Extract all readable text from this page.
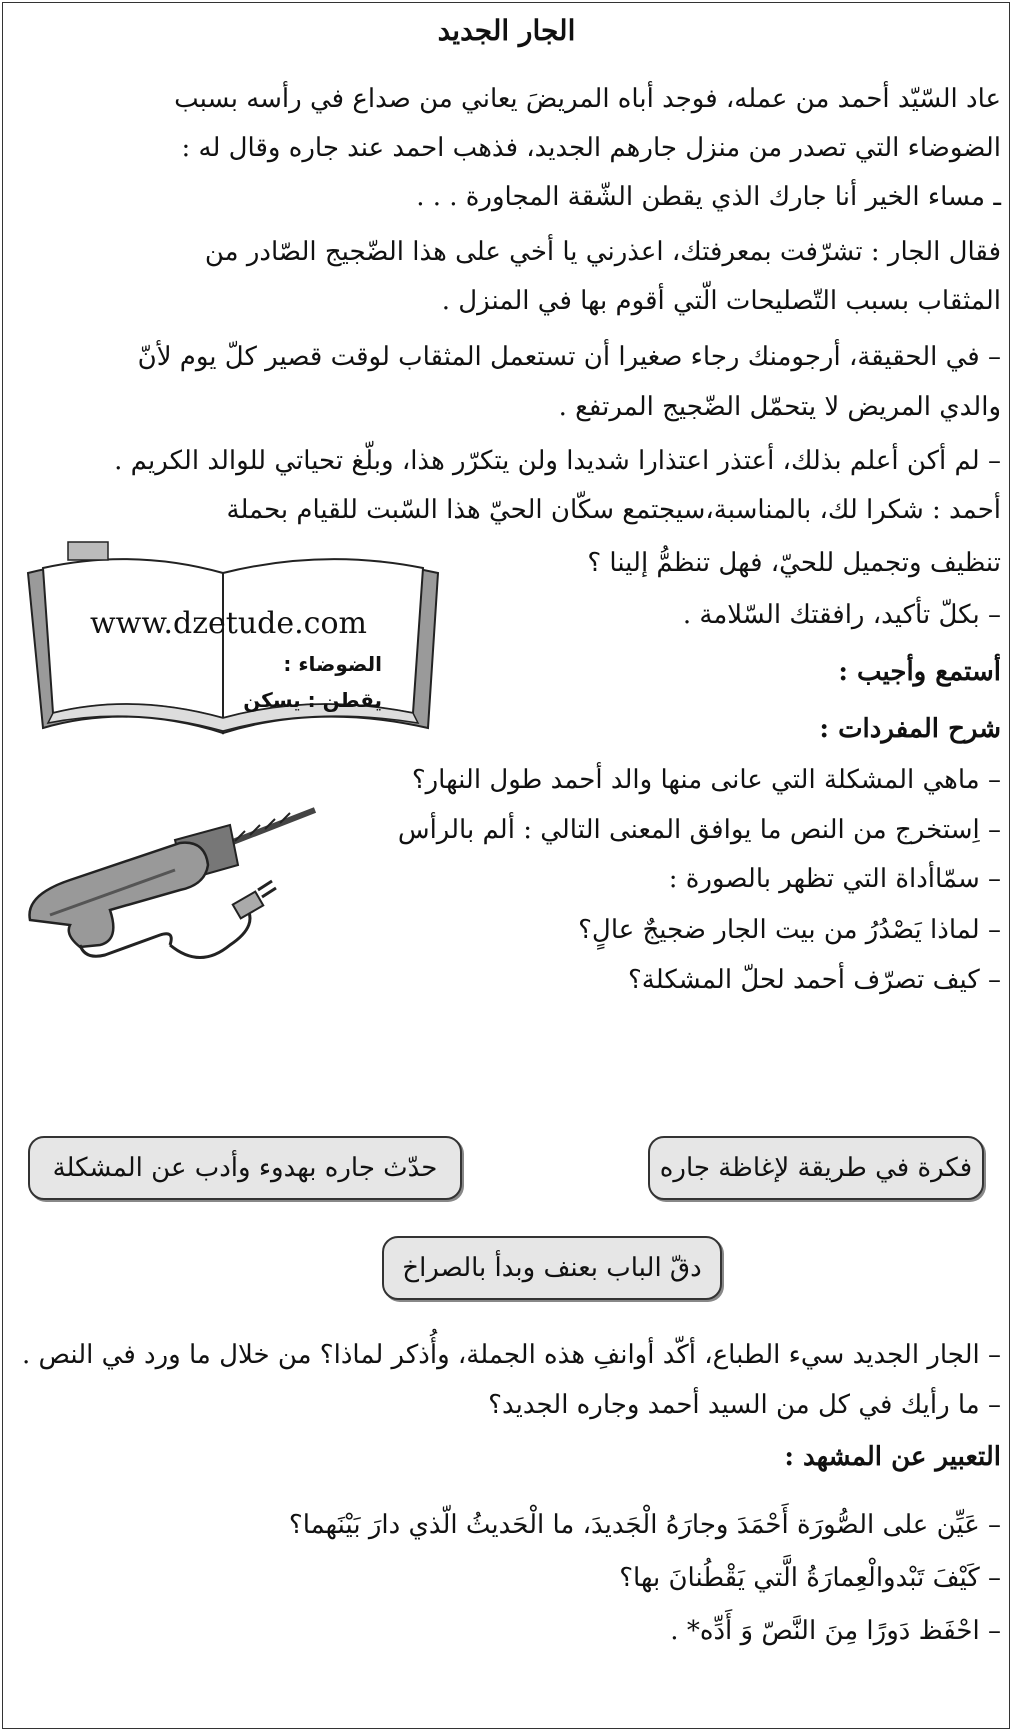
الجار الجديد
عاد السّيّد أحمد من عمله، فوجد أباه المريضَ يعاني من صداع في رأسه بسبب
الضوضاء التي تصدر من منزل جارهم الجديد، فذهب احمد عند جاره وقال له :
ـ مساء الخير أنا جارك الذي يقطن الشّقة المجاورة . . .
فقال الجار : تشرّفت بمعرفتك، اعذرني يا أخي على هذا الضّجيج الصّادر من
المثقاب بسبب التّصليحات الّتي أقوم بها في المنزل .
– في الحقيقة، أرجومنك رجاء صغيرا أن تستعمل المثقاب لوقت قصير كلّ يوم لأنّ
والدي المريض لا يتحمّل الضّجيج المرتفع .
– لم أكن أعلم بذلك، أعتذر اعتذارا شديدا ولن يتكرّر هذا، وبلّغ تحياتي للوالد الكريم .
أحمد : شكرا لك، بالمناسبة،سيجتمع سكّان الحيّ هذا السّبت للقيام بحملة
تنظيف وتجميل للحيّ، فهل تنظمُّ إلينا ؟
– بكلّ تأكيد، رافقتك السّلامة .
www.dzetude.com
الضوضاء :
يقطن : يسكن
أستمع وأجيب :
شرح المفردات :
– ماهي المشكلة التي عانى منها والد أحمد طول النهار؟
– اِستخرج من النص ما يوافق المعنى التالي : ألم بالرأس
– سمّاأداة التي تظهر بالصورة :
– لماذا يَصْدُرُ من بيت الجار ضجيجٌ عالٍ؟
– كيف تصرّف أحمد لحلّ المشكلة؟
فكرة في طريقة لإغاظة جاره
حدّث جاره بهدوء وأدب عن المشكلة
دقّ الباب بعنف وبدأ بالصراخ
– الجار الجديد سيء الطباع، أكّد أوانفِ هذه الجملة، وأُذكر لماذا؟ من خلال ما ورد في النص .
– ما رأيك في كل من السيد أحمد وجاره الجديد؟
التعبير عن المشهد :
– عَيِّن على الصُّورَة أَحْمَدَ وجارَهُ الْجَديدَ، ما الْحَديثُ الّذي دارَ بَيْنَهما؟
– كَيْفَ تَبْدوالْعِمارَةُ الَّتي يَقْطُنانَ بها؟
– احْفَظ دَورًا مِنَ النَّصّ وَ أَدِّه* .
